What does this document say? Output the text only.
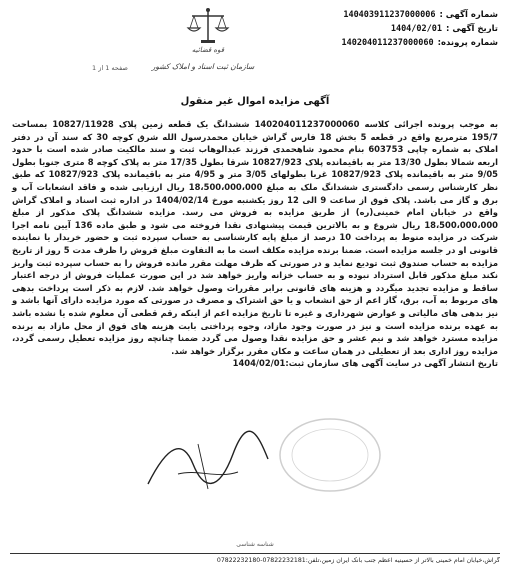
شماره آگهی :
140403911237000006
تاریخ آگهی :
1404/02/01
شماره پرونده:
140204011237000060
قوه قضائیه
سازمان ثبت اسناد و املاک کشور
صفحه 1 از 1
آگهی مزایده اموال غیر منقول
به موجب پرونده اجرائی کلاسه 140204011237000060 ششدانگ یک قطعه زمین پلاک 10827/11928 بمساحت 195/7 مترمربع واقع در قطعه 5 بخش 18 فارس گراش خیابان محمدرسول الله شرق کوچه 30 که سند آن در دفتر املاک به شماره چاپی 603753 بنام محمود شاهحمدی فرزند عبدالوهاب ثبت و سند مالکیت صادر شده است با حدود اربعه شمالا بطول 13/30 متر به باقیمانده پلاک 10827/923 شرقا بطول 17/35 متر به پلاک کوچه 8 متری جنوبا بطول 9/05 متر به باقیمانده پلاک 10827/923 غربا بطولهای 3/05 متر و 4/95 متر به باقیمانده پلاک 10827/923 که طبق نظر کارشناس رسمی دادگستری ششدانگ ملک به مبلغ 18،500،000،000 ریال ارزیابی شده و فاقد انشعابات آب و برق و گاز می باشد. پلاک فوق از ساعت 9 الی 12 روز یکشنبه مورخ 1404/02/14 در اداره ثبت اسناد و املاک گراش واقع در خیابان امام خمینی(ره) از طریق مزایده به فروش می رسد. مزایده ششدانگ پلاک مذکور از مبلغ 18،500،000،000 ریال شروع و به بالاترین قیمت پیشنهادی نقدا فروخته می شود و طبق ماده 136 آیین نامه اجرا شرکت در مزایده منوط به پرداخت 10 درصد از مبلغ پایه کارشناسی به حساب سپرده ثبت و حضور خریدار یا نماینده قانونی او در جلسه مزایده است. ضمنا برنده مزایده مکلف است ما به التفاوت مبلغ فروش را ظرف مدت 5 روز از تاریخ مزایده به حساب صندوق ثبت تودیع نماید و در صورتی که ظرف مهلت مقرر مانده فروش را به حساب سپرده ثبت واریز نکند مبلغ مذکور قابل استرداد نبوده و به حساب خزانه واریز خواهد شد در این صورت عملیات فروش از درجه اعتبار ساقط و مزایده تجدید میگردد و هزینه های قانونی برابر مقررات وصول خواهد شد. لازم به ذکر است پرداخت بدهی های مربوط به آب، برق، گاز اعم از حق انشعاب و یا حق اشتراک و مصرف در صورتی که مورد مزایده دارای آنها باشد و نیز بدهی های مالیاتی و عوارض شهرداری و غیره تا تاریخ مزایده اعم از اینکه رقم قطعی آن معلوم شده یا نشده باشد به عهده برنده مزایده است و نیز در صورت وجود مازاد، وجوه پرداختی بابت هزینه های فوق از محل مازاد به برنده مزایده مسترد خواهد شد و نیم عشر و حق مزایده نقدا وصول می گردد ضمنا چنانچه روز مزایده تعطیل رسمی گردد، مزایده روز اداری بعد از تعطیلی در همان ساعت و مکان مقرر برگزار خواهد شد.
تاریخ انتشار آگهی در سایت آگهی های سازمان ثبت:1404/02/01
شناسه شناسی
گراش،خیابان امام خمینی بالاتر از حسینیه اعظم جنب بانک ایران زمین،تلفن:07822232181-07822232180
